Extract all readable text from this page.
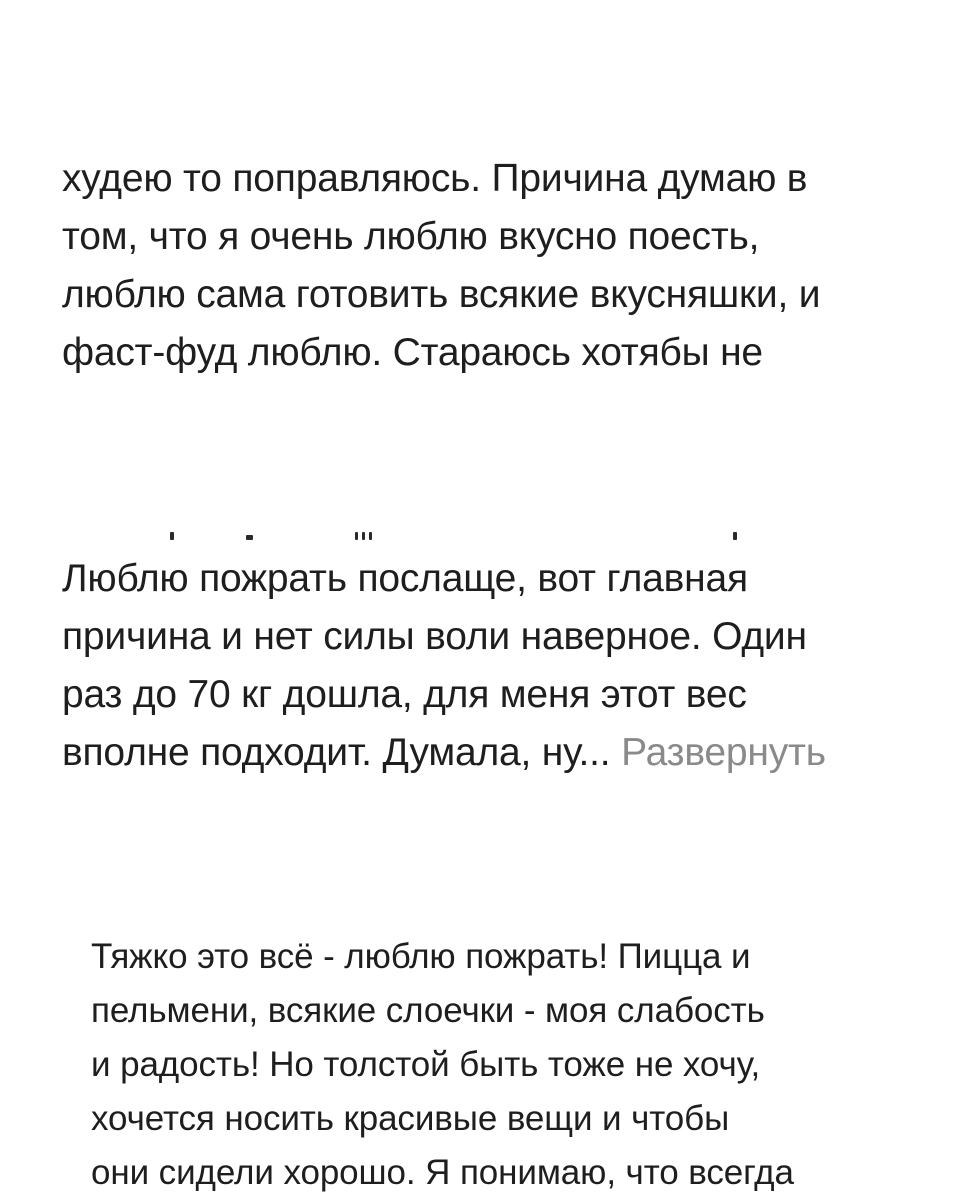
худею то поправляюсь. Причина думаю в
том, что я очень люблю вкусно поесть,
люблю сама готовить всякие вкусняшки, и
фаст-фуд люблю. Стараюсь хотябы не
Люблю пожрать послаще, вот главная
причина и нет силы воли наверное. Один
раз до 70 кг дошла, для меня этот вес
вполне подходит. Думала, ну... Развернуть
Тяжко это всё - люблю пожрать! Пицца и
пельмени, всякие слоечки - моя слабость
и радость! Но толстой быть тоже не хочу,
хочется носить красивые вещи и чтобы
они сидели хорошо. Я понимаю, что всегда
